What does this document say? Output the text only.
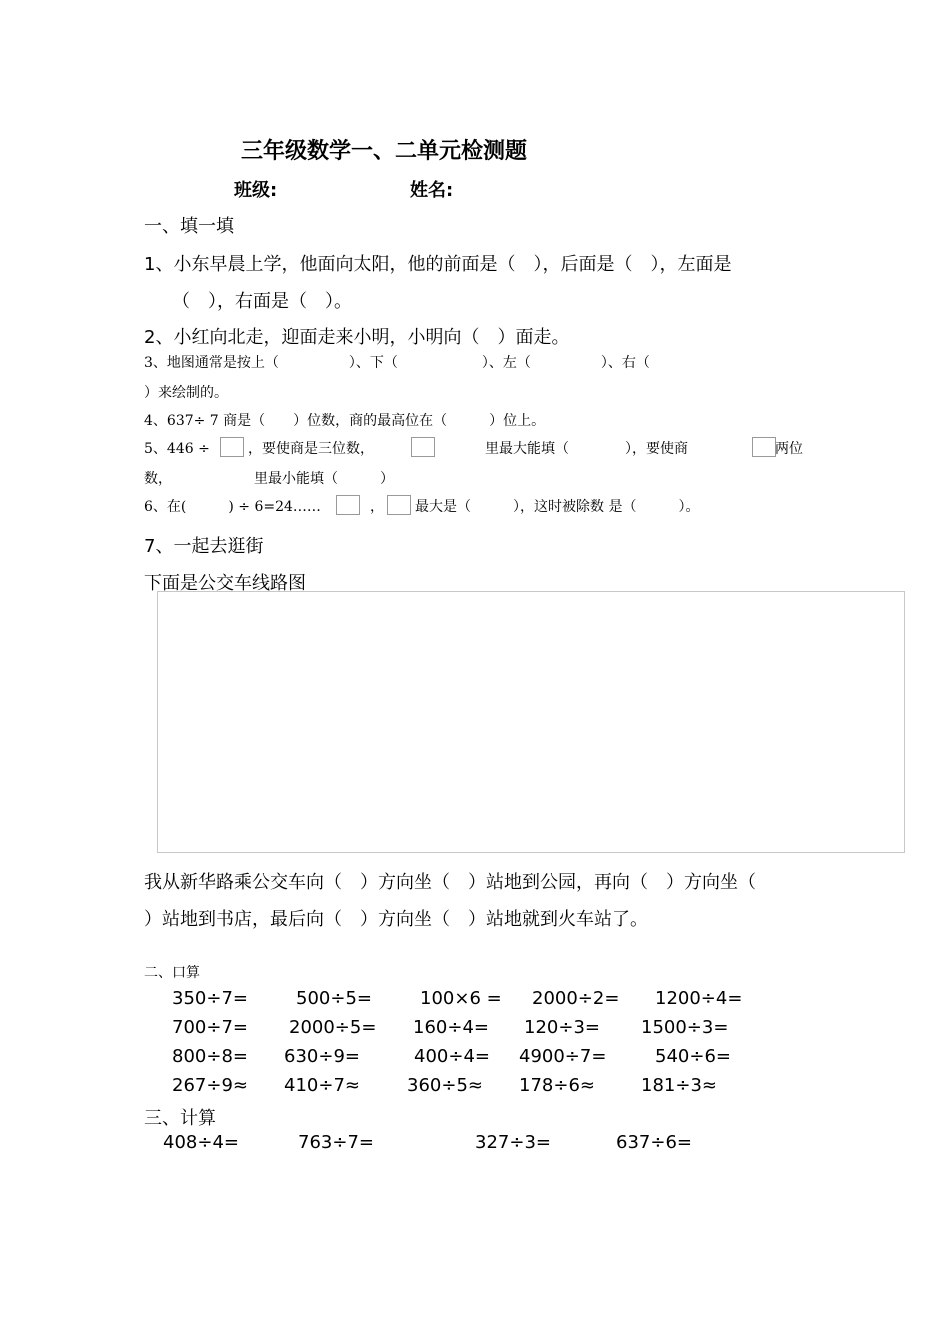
三年级数学一、二单元检测题
班级:	姓名:
一、填一填
1、小东早晨上学，他面向太阳，他的前面是（　），后面是（　），左面是
（　），右面是（　）。
2、小红向北走，迎面走来小明，小明向（　）面走。
3、地图通常是按上（　　　　　）、下（　　　　　　）、左（　　　　　）、右（
）来绘制的。
4、637÷ 7 商是（　　）位数，商的最高位在（　　　）位上。
5、446 ÷	，要使商是三位数，	里最大能填（　　　　），要使商	两位
数，	里最小能填（　　　）
6、在(　　　) ÷ 6=24……	， 最大是（　　　），这时被除数 是（　　　）。
7、一起去逛街
下面是公交车线路图
我从新华路乘公交车向（　）方向坐（　）站地到公园，再向（　）方向坐（
）站地到书店，最后向（　）方向坐（　）站地就到火车站了。
二、口算
350÷7=	500÷5=	100×6 = 2000÷2= 1200÷4=
700÷7= 2000÷5= 160÷4= 120÷3= 1500÷3=
800÷8= 630÷9=	400÷4= 4900÷7=	540÷6=
267÷9≈ 410÷7≈	360÷5≈ 178÷6≈	181÷3≈
三、计算
408÷4=	763÷7=	327÷3=	637÷6=
